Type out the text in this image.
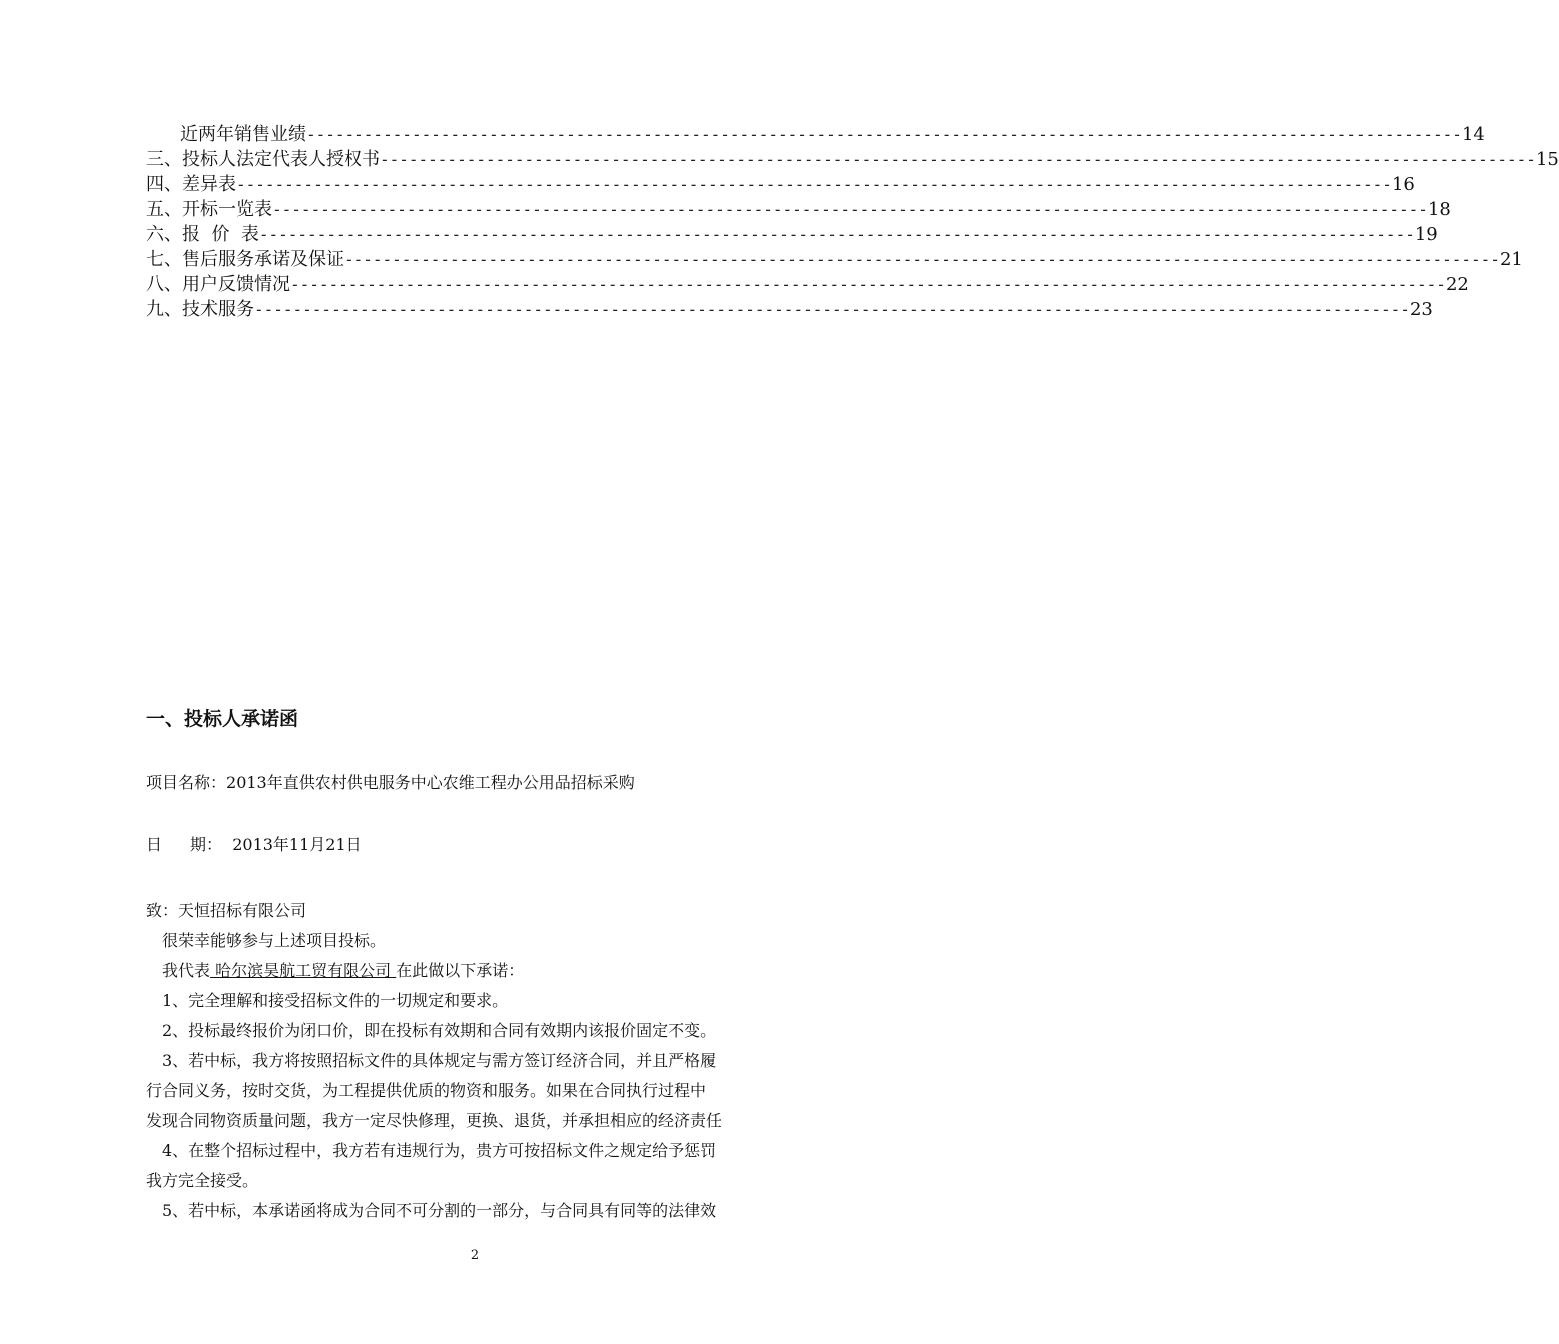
近两年销售业绩 ------------------------------------------------------------------------------------------------------------------------ 14
三、投标人法定代表人授权书 ------------------------------------------------------------------------------------------------------------------------ 15
四、差异表 ------------------------------------------------------------------------------------------------------------------------ 16
五、开标一览表 ------------------------------------------------------------------------------------------------------------------------ 18
六、报  价  表 ------------------------------------------------------------------------------------------------------------------------ 19
七、售后服务承诺及保证 ------------------------------------------------------------------------------------------------------------------------ 21
八、用户反馈情况 ------------------------------------------------------------------------------------------------------------------------ 22
九、技术服务 ------------------------------------------------------------------------------------------------------------------------ 23
一、投标人承诺函
项目名称：2013年直供农村供电服务中心农维工程办公用品招标采购
日 期： 2013年11月21日
致：天恒招标有限公司
很荣幸能够参与上述项目投标。
我代表 哈尔滨昊航工贸有限公司 在此做以下承诺：
1、完全理解和接受招标文件的一切规定和要求。
2、投标最终报价为闭口价，即在投标有效期和合同有效期内该报价固定不变。
3、若中标，我方将按照招标文件的具体规定与需方签订经济合同，并且严格履
行合同义务，按时交货，为工程提供优质的物资和服务。如果在合同执行过程中
发现合同物资质量问题，我方一定尽快修理，更换、退货，并承担相应的经济责任
4、在整个招标过程中，我方若有违规行为，贵方可按招标文件之规定给予惩罚
我方完全接受。
5、若中标，本承诺函将成为合同不可分割的一部分，与合同具有同等的法律效
2
